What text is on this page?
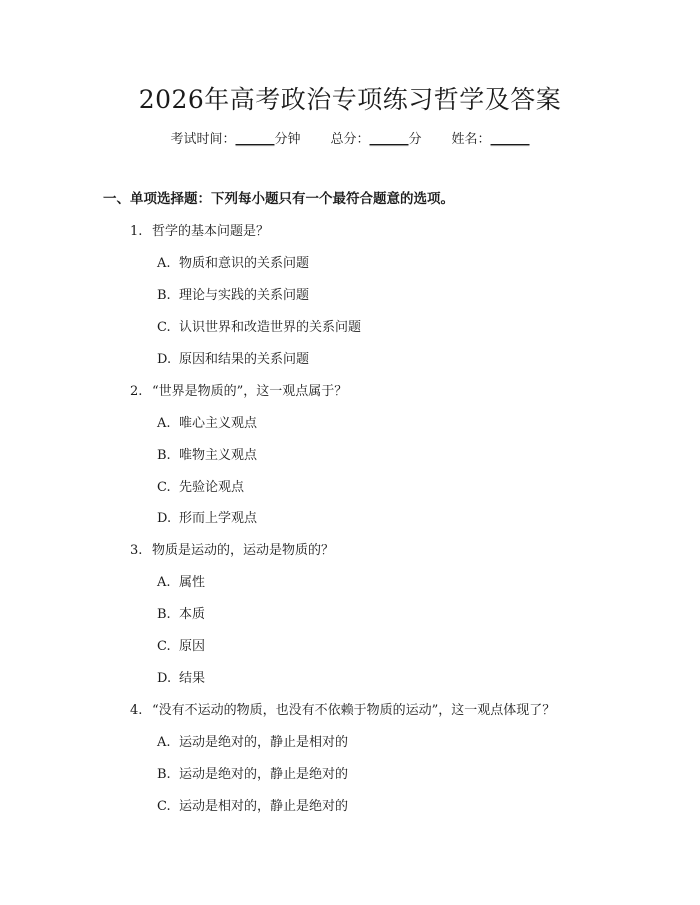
2026年高考政治专项练习哲学及答案
考试时间：______分钟 总分：______分 姓名：______
一、单项选择题：下列每小题只有一个最符合题意的选项。
1. 哲学的基本问题是？
A. 物质和意识的关系问题
B. 理论与实践的关系问题
C. 认识世界和改造世界的关系问题
D. 原因和结果的关系问题
2. “世界是物质的”，这一观点属于？
A. 唯心主义观点
B. 唯物主义观点
C. 先验论观点
D. 形而上学观点
3. 物质是运动的，运动是物质的？
A. 属性
B. 本质
C. 原因
D. 结果
4. “没有不运动的物质，也没有不依赖于物质的运动”，这一观点体现了？
A. 运动是绝对的，静止是相对的
B. 运动是绝对的，静止是绝对的
C. 运动是相对的，静止是绝对的
